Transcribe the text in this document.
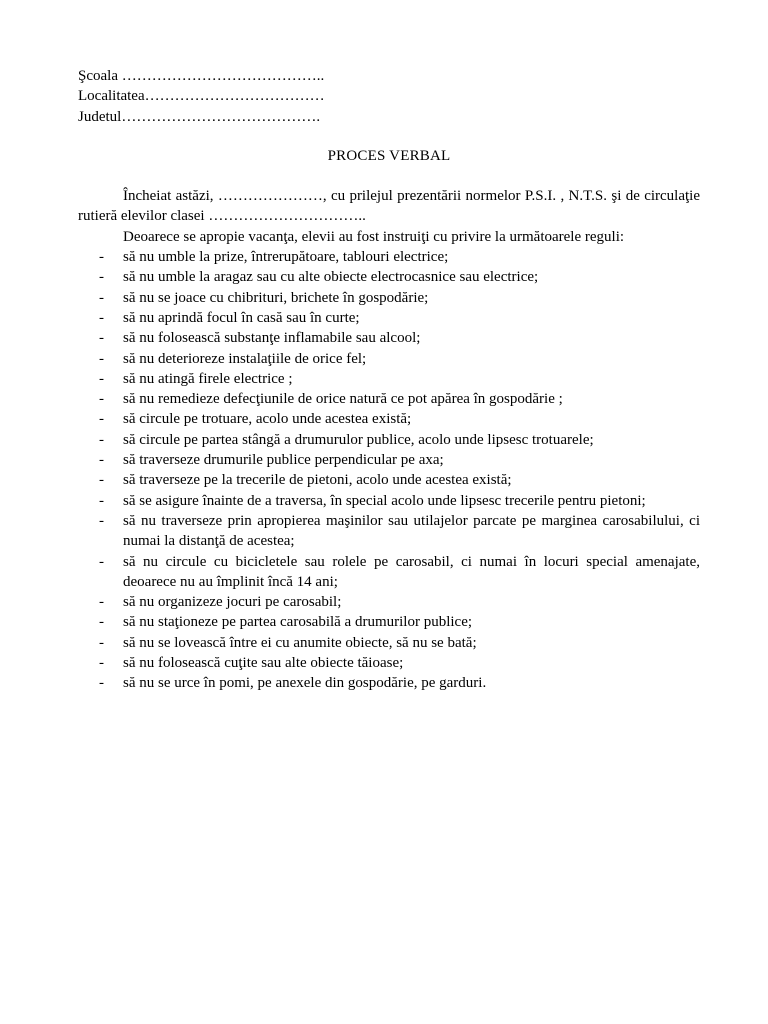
Şcoala …………………………………..
Localitatea………………………………
Judetul………………………………….
PROCES VERBAL

Încheiat astăzi, …………………, cu prilejul prezentării normelor P.S.I. , N.T.S. şi de circulaţie rutieră elevilor clasei …………………………..

Deoarece se apropie vacanţa, elevii au fost instruiţi cu privire la următoarele reguli:

- să nu umble la prize, întrerupătoare, tablouri electrice;
- să nu umble la aragaz sau cu alte obiecte electrocasnice sau electrice;
- să nu se joace cu chibrituri, brichete în gospodărie;
- să nu aprindă focul în casă sau în curte;
- să nu folosească substanţe inflamabile sau alcool;
- să nu deterioreze instalaţiile de orice fel;
- să nu atingă firele electrice ;
- să nu remedieze defecţiunile de orice natură ce pot apărea în gospodărie ;
- să circule pe trotuare, acolo unde acestea există;
- să circule pe partea stângă a drumurulor publice, acolo unde lipsesc trotuarele;
- să traverseze drumurile publice perpendicular pe axa;
- să traverseze pe la trecerile de pietoni, acolo unde acestea există;
- să se asigure înainte de a traversa, în special acolo unde lipsesc trecerile pentru pietoni;
- să nu traverseze prin apropierea maşinilor sau utilajelor parcate pe marginea carosabilului, ci numai la distanţă de acestea;
- să nu circule cu bicicletele sau rolele pe carosabil, ci numai în locuri special amenajate, deoarece nu au împlinit încă 14 ani;
- să nu organizeze jocuri pe carosabil;
- să nu staţioneze pe partea carosabilă a drumurilor publice;
- să nu se lovească între ei cu anumite obiecte, să nu se bată;
- să nu folosească cuţite sau alte obiecte tăioase;
- să nu se urce în pomi, pe anexele din gospodărie, pe garduri.
